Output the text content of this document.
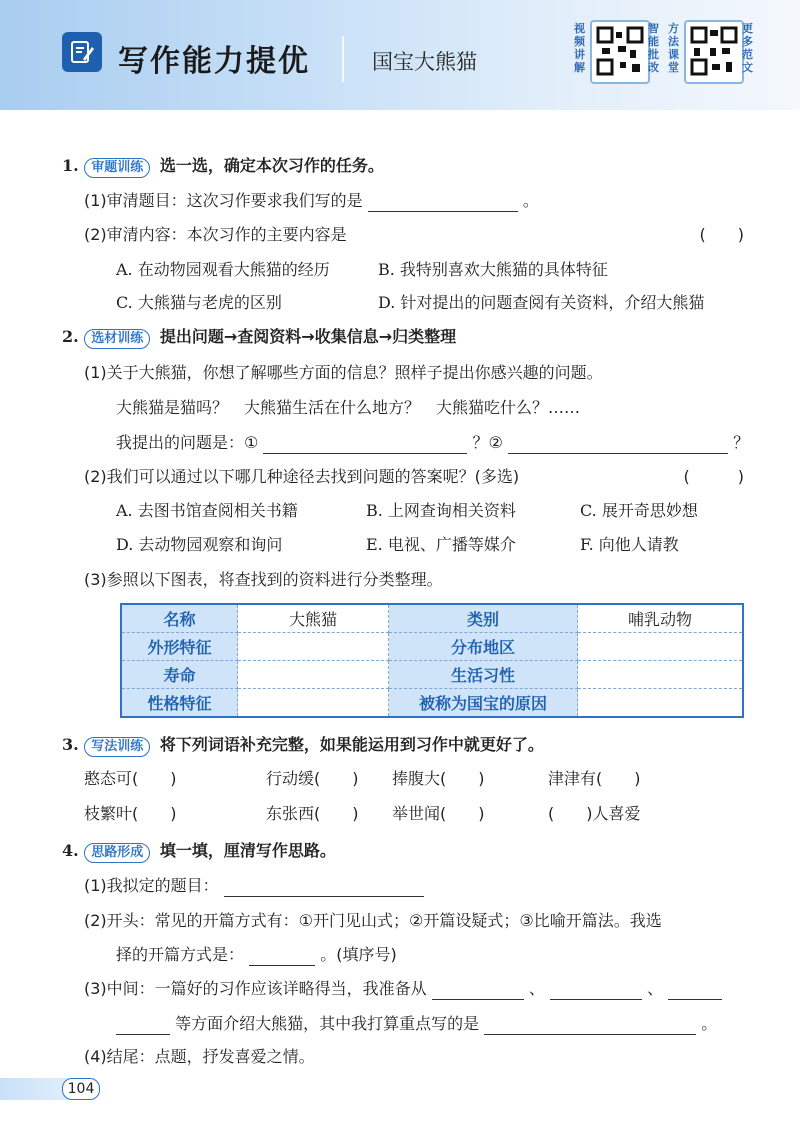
写作能力提优	国宝大熊猫
视频讲解
智能批改
方法课堂
更多范文
1. 审题训练 选一选，确定本次习作的任务。
(1)审清题目：这次习作要求我们写的是	。
(2)审清内容：本次习作的主要内容是	(　　)
A. 在动物园观看大熊猫的经历	B. 我特别喜欢大熊猫的具体特征
C. 大熊猫与老虎的区别	D. 针对提出的问题查阅有关资料，介绍大熊猫
2. 选材训练 提出问题→查阅资料→收集信息→归类整理
(1)关于大熊猫，你想了解哪些方面的信息？照样子提出你感兴趣的问题。
大熊猫是猫吗？　大熊猫生活在什么地方？　大熊猫吃什么？……
我提出的问题是：①	？②	？
(2)我们可以通过以下哪几种途径去找到问题的答案呢？(多选)	(　　　)
A. 去图书馆查阅相关书籍	B. 上网查询相关资料	C. 展开奇思妙想
D. 去动物园观察和询问	E. 电视、广播等媒介	F. 向他人请教
(3)参照以下图表，将查找到的资料进行分类整理。
名称	大熊猫	类别	哺乳动物
外形特征		分布地区	
寿命		生活习性	
性格特征		被称为国宝的原因	
3. 写法训练 将下列词语补充完整，如果能运用到习作中就更好了。
憨态可(　　)	行动缓(　　) 捧腹大(　　)	津津有(　　)
枝繁叶(　　)	东张西(　　) 举世闻(　　)	(　　)人喜爱
4. 思路形成 填一填，厘清写作思路。
(1)我拟定的题目：
(2)开头：常见的开篇方式有：①开门见山式；②开篇设疑式；③比喻开篇法。我选
择的开篇方式是：	。(填序号)
(3)中间：一篇好的习作应该详略得当，我准备从	、	、
等方面介绍大熊猫，其中我打算重点写的是	。
(4)结尾：点题，抒发喜爱之情。
104
